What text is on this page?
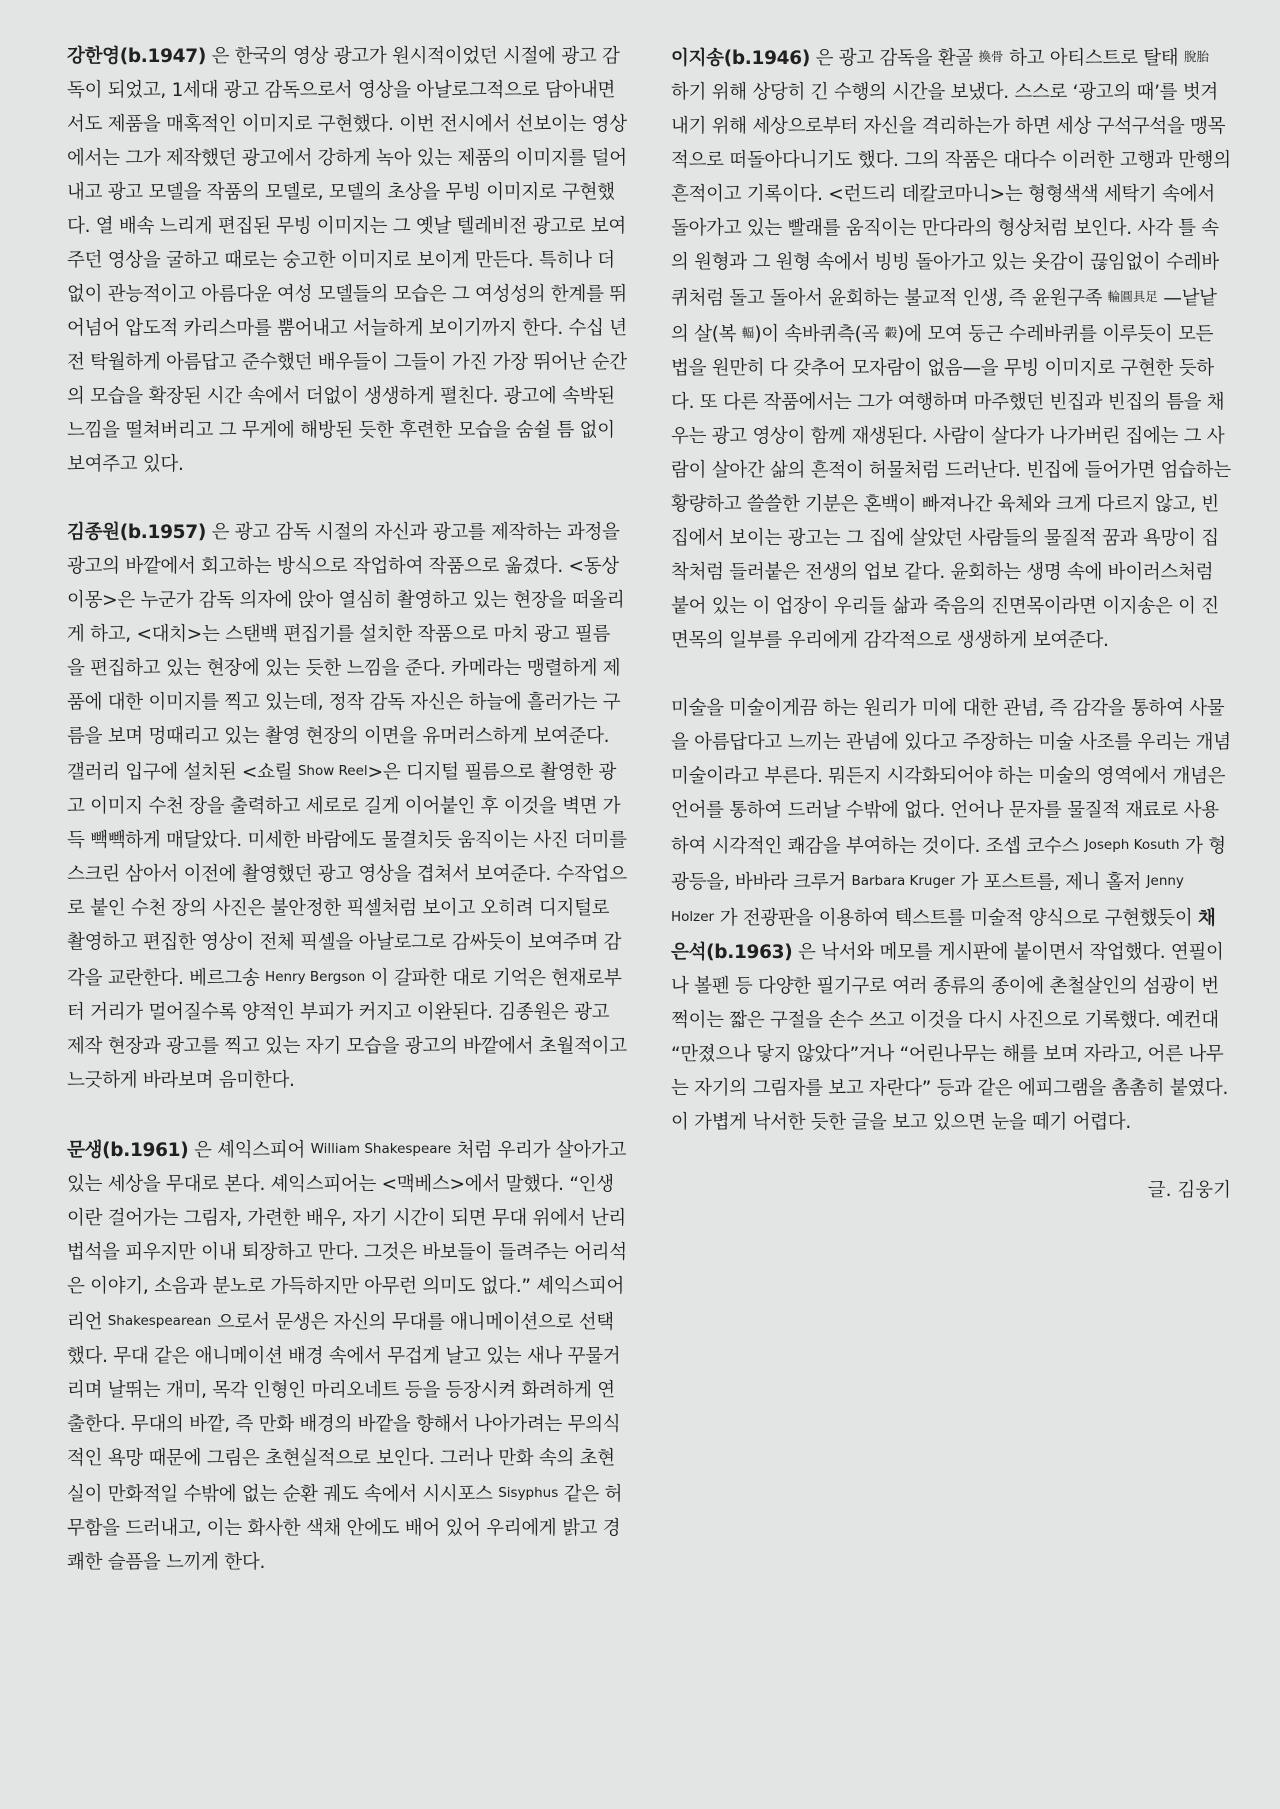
강한영(b.1947) 은 한국의 영상 광고가 원시적이었던 시절에 광고 감독이 되었고, 1세대 광고 감독으로서 영상을 아날로그적으로 담아내면서도 제품을 매혹적인 이미지로 구현했다. 이번 전시에서 선보이는 영상에서는 그가 제작했던 광고에서 강하게 녹아 있는 제품의 이미지를 덜어내고 광고 모델을 작품의 모델로, 모델의 초상을 무빙 이미지로 구현했다. 열 배속 느리게 편집된 무빙 이미지는 그 옛날 텔레비전 광고로 보여주던 영상을 굴하고 때로는 숭고한 이미지로 보이게 만든다. 특히나 더없이 관능적이고 아름다운 여성 모델들의 모습은 그 여성성의 한계를 뛰어넘어 압도적 카리스마를 뿜어내고 서늘하게 보이기까지 한다. 수십 년 전 탁월하게 아름답고 준수했던 배우들이 그들이 가진 가장 뛰어난 순간의 모습을 확장된 시간 속에서 더없이 생생하게 펼친다. 광고에 속박된 느낌을 떨쳐버리고 그 무게에 해방된 듯한 후련한 모습을 숨쉴 틈 없이 보여주고 있다.

김종원(b.1957) 은 광고 감독 시절의 자신과 광고를 제작하는 과정을 광고의 바깥에서 회고하는 방식으로 작업하여 작품으로 옮겼다. <동상이몽>은 누군가 감독 의자에 앉아 열심히 촬영하고 있는 현장을 떠올리게 하고, <대치>는 스탠백 편집기를 설치한 작품으로 마치 광고 필름을 편집하고 있는 현장에 있는 듯한 느낌을 준다. 카메라는 맹렬하게 제품에 대한 이미지를 찍고 있는데, 정작 감독 자신은 하늘에 흘러가는 구름을 보며 멍때리고 있는 촬영 현장의 이면을 유머러스하게 보여준다. 갤러리 입구에 설치된 <쇼릴 Show Reel>은 디지털 필름으로 촬영한 광고 이미지 수천 장을 출력하고 세로로 길게 이어붙인 후 이것을 벽면 가득 빽빽하게 매달았다. 미세한 바람에도 물결치듯 움직이는 사진 더미를 스크린 삼아서 이전에 촬영했던 광고 영상을 겹쳐서 보여준다. 수작업으로 붙인 수천 장의 사진은 불안정한 픽셀처럼 보이고 오히려 디지털로 촬영하고 편집한 영상이 전체 픽셀을 아날로그로 감싸듯이 보여주며 감각을 교란한다. 베르그송 Henry Bergson 이 갈파한 대로 기억은 현재로부터 거리가 멀어질수록 양적인 부피가 커지고 이완된다. 김종원은 광고 제작 현장과 광고를 찍고 있는 자기 모습을 광고의 바깥에서 초월적이고 느긋하게 바라보며 음미한다.

문생(b.1961) 은 셰익스피어 William Shakespeare 처럼 우리가 살아가고 있는 세상을 무대로 본다. 셰익스피어는 <맥베스>에서 말했다. “인생이란 걸어가는 그림자, 가련한 배우, 자기 시간이 되면 무대 위에서 난리법석을 피우지만 이내 퇴장하고 만다. 그것은 바보들이 들려주는 어리석은 이야기, 소음과 분노로 가득하지만 아무런 의미도 없다.” 셰익스피어리언 Shakespearean 으로서 문생은 자신의 무대를 애니메이션으로 선택했다. 무대 같은 애니메이션 배경 속에서 무겁게 날고 있는 새나 꾸물거리며 날뛰는 개미, 목각 인형인 마리오네트 등을 등장시켜 화려하게 연출한다. 무대의 바깥, 즉 만화 배경의 바깥을 향해서 나아가려는 무의식적인 욕망 때문에 그림은 초현실적으로 보인다. 그러나 만화 속의 초현실이 만화적일 수밖에 없는 순환 궤도 속에서 시시포스 Sisyphus 같은 허무함을 드러내고, 이는 화사한 색채 안에도 배어 있어 우리에게 밝고 경쾌한 슬픔을 느끼게 한다.

이지송(b.1946) 은 광고 감독을 환골 換骨 하고 아티스트로 탈태 脫胎 하기 위해 상당히 긴 수행의 시간을 보냈다. 스스로 ‘광고의 때’를 벗겨내기 위해 세상으로부터 자신을 격리하는가 하면 세상 구석구석을 맹목적으로 떠돌아다니기도 했다. 그의 작품은 대다수 이러한 고행과 만행의 흔적이고 기록이다. <런드리 데칼코마니>는 형형색색 세탁기 속에서 돌아가고 있는 빨래를 움직이는 만다라의 형상처럼 보인다. 사각 틀 속의 원형과 그 원형 속에서 빙빙 돌아가고 있는 옷감이 끊임없이 수레바퀴처럼 돌고 돌아서 윤회하는 불교적 인생, 즉 윤원구족 輪圓具足 —낱낱의 살(복 輻)이 속바퀴측(곡 轂)에 모여 둥근 수레바퀴를 이루듯이 모든 법을 원만히 다 갖추어 모자람이 없음—을 무빙 이미지로 구현한 듯하다. 또 다른 작품에서는 그가 여행하며 마주했던 빈집과 빈집의 틈을 채우는 광고 영상이 함께 재생된다. 사람이 살다가 나가버린 집에는 그 사람이 살아간 삶의 흔적이 허물처럼 드러난다. 빈집에 들어가면 엄습하는 황량하고 쓸쓸한 기분은 혼백이 빠져나간 육체와 크게 다르지 않고, 빈집에서 보이는 광고는 그 집에 살았던 사람들의 물질적 꿈과 욕망이 집착처럼 들러붙은 전생의 업보 같다. 윤회하는 생명 속에 바이러스처럼 붙어 있는 이 업장이 우리들 삶과 죽음의 진면목이라면 이지송은 이 진면목의 일부를 우리에게 감각적으로 생생하게 보여준다.

미술을 미술이게끔 하는 원리가 미에 대한 관념, 즉 감각을 통하여 사물을 아름답다고 느끼는 관념에 있다고 주장하는 미술 사조를 우리는 개념 미술이라고 부른다. 뭐든지 시각화되어야 하는 미술의 영역에서 개념은 언어를 통하여 드러날 수밖에 없다. 언어나 문자를 물질적 재료로 사용하여 시각적인 쾌감을 부여하는 것이다. 조셉 코수스 Joseph Kosuth 가 형광등을, 바바라 크루거 Barbara Kruger 가 포스트를, 제니 홀저 Jenny Holzer 가 전광판을 이용하여 텍스트를 미술적 양식으로 구현했듯이 채은석(b.1963) 은 낙서와 메모를 게시판에 붙이면서 작업했다. 연필이나 볼펜 등 다양한 필기구로 여러 종류의 종이에 촌철살인의 섬광이 번쩍이는 짧은 구절을 손수 쓰고 이것을 다시 사진으로 기록했다. 예컨대 “만졌으나 닿지 않았다”거나 “어린나무는 해를 보며 자라고, 어른 나무는 자기의 그림자를 보고 자란다” 등과 같은 에피그램을 촘촘히 붙였다. 이 가볍게 낙서한 듯한 글을 보고 있으면 눈을 떼기 어렵다.

글. 김웅기
